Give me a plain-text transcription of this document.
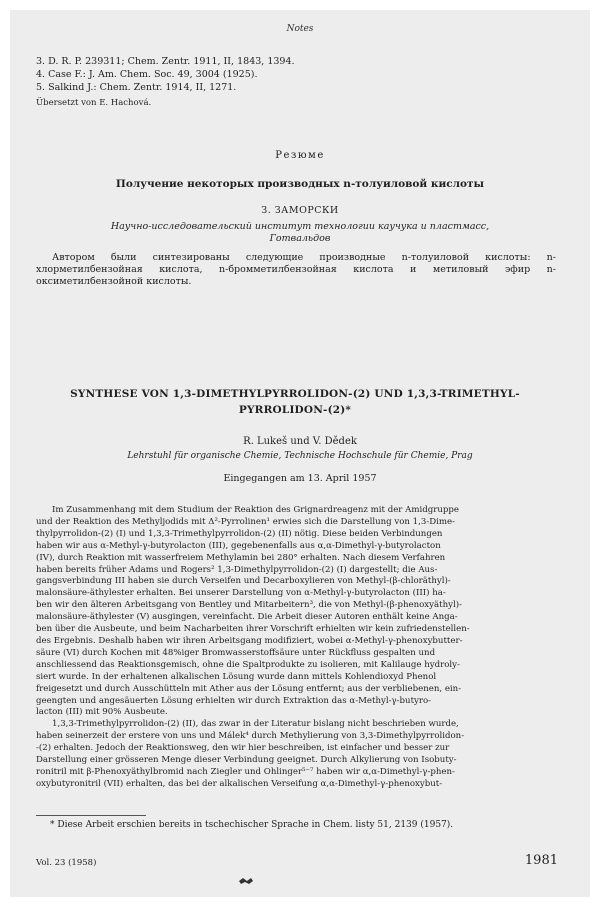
Notes
3. D. R. P. 239311; Chem. Zentr. 1911, II, 1843, 1394.
4. Case F.: J. Am. Chem. Soc. 49, 3004 (1925).
5. Salkind J.: Chem. Zentr. 1914, II, 1271.
Übersetzt von E. Hachová.
Резюме
Получение некоторых производных n-толуиловой кислоты
З. ЗАМОРСКИ
Научно-исследовательский институт технологии каучука и пластмасс,
Готвальдов
Автором были синтезированы следующие производные n-толуиловой кислоты: n-хлорметилбензойная кислота, n-бромметилбензойная кислота и метиловый эфир n-оксиметилбензойной кислоты.
SYNTHESE VON 1,3-DIMETHYLPYRROLIDON-(2) UND 1,3,3-TRIMETHYL-
PYRROLIDON-(2)*
R. Lukeš und V. Dědek
Lehrstuhl für organische Chemie, Technische Hochschule für Chemie, Prag
Eingegangen am 13. April 1957
Im Zusammenhang mit dem Studium der Reaktion des Grignardreagenz mit der Amidgruppe
und der Reaktion des Methyljodids mit Δ²-Pyrrolinen¹ erwies sich die Darstellung von 1,3-Dime-
thylpyrrolidon-(2) (I) und 1,3,3-Trimethylpyrrolidon-(2) (II) nötig. Diese beiden Verbindungen
haben wir aus α-Methyl-γ-butyrolacton (III), gegebenenfalls aus α,α-Dimethyl-γ-butyrolacton
(IV), durch Reaktion mit wasserfreiem Methylamin bei 280° erhalten. Nach diesem Verfahren
haben bereits früher Adams und Rogers² 1,3-Dimethylpyrrolidon-(2) (I) dargestellt; die Aus-
gangsverbindung III haben sie durch Verseifen und Decarboxylieren von Methyl-(β-chloräthyl)-
malonsäure-äthylester erhalten. Bei unserer Darstellung von α-Methyl-γ-butyrolacton (III) ha-
ben wir den älteren Arbeitsgang von Bentley und Mitarbeitern³, die von Methyl-(β-phenoxyäthyl)-
malonsäure-äthylester (V) ausgingen, vereinfacht. Die Arbeit dieser Autoren enthält keine Anga-
ben über die Ausbeute, und beim Nacharbeiten ihrer Vorschrift erhielten wir kein zufriedenstellen-
des Ergebnis. Deshalb haben wir ihren Arbeitsgang modifiziert, wobei α-Methyl-γ-phenoxybutter-
säure (VI) durch Kochen mit 48%iger Bromwasserstoffsäure unter Rückfluss gespalten und
anschliessend das Reaktionsgemisch, ohne die Spaltprodukte zu isolieren, mit Kalilauge hydroly-
siert wurde. In der erhaltenen alkalischen Lösung wurde dann mittels Kohlendioxyd Phenol
freigesetzt und durch Ausschütteln mit Äther aus der Lösung entfernt; aus der verbliebenen, ein-
geengten und angesäuerten Lösung erhielten wir durch Extraktion das α-Methyl-γ-butyro-
lacton (III) mit 90% Ausbeute.
1,3,3-Trimethylpyrrolidon-(2) (II), das zwar in der Literatur bislang nicht beschrieben wurde,
haben seinerzeit der erstere von uns und Málek⁴ durch Methylierung von 3,3-Dimethylpyrrolidon-
-(2) erhalten. Jedoch der Reaktionsweg, den wir hier beschreiben, ist einfacher und besser zur
Darstellung einer grösseren Menge dieser Verbindung geeignet. Durch Alkylierung von Isobuty-
ronitril mit β-Phenoxyäthylbromid nach Ziegler und Ohlinger⁵⁻⁷ haben wir α,α-Dimethyl-γ-phen-
oxybutyronitril (VII) erhalten, das bei der alkalischen Verseifung α,α-Dimethyl-γ-phenoxybut-
* Diese Arbeit erschien bereits in tschechischer Sprache in Chem. listy 51, 2139 (1957).
Vol. 23 (1958)	1981
